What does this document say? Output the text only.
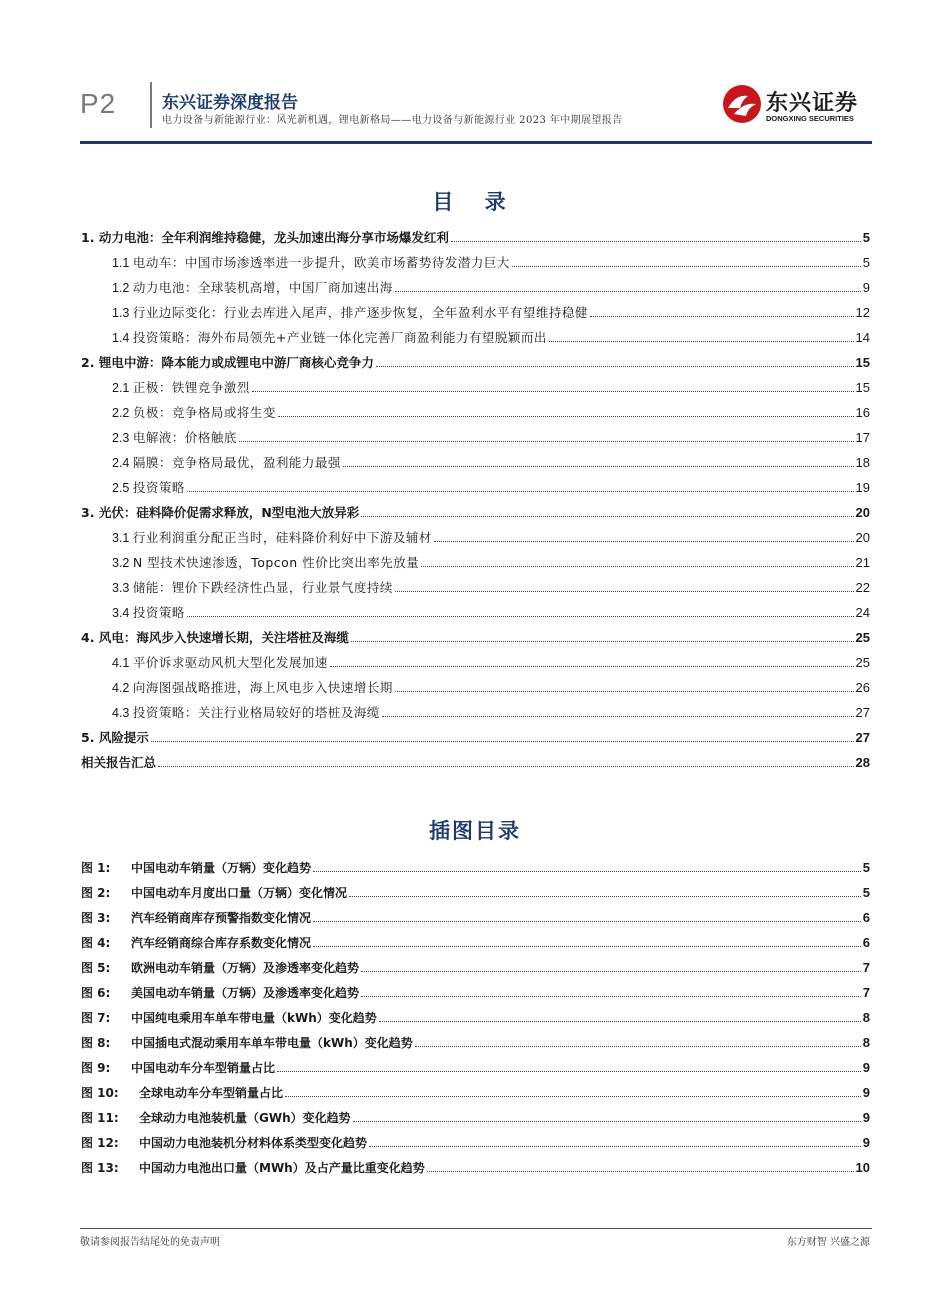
P2	东兴证券深度报告
电力设备与新能源行业：风光新机遇，锂电新格局——电力设备与新能源行业 2023 年中期展望报告
东兴证券
DONGXING SECURITIES
目 录
1. 动力电池：全年利润维持稳健，龙头加速出海分享市场爆发红利	5
1.1 电动车：中国市场渗透率进一步提升，欧美市场蓄势待发潜力巨大	5
1.2 动力电池：全球装机高增，中国厂商加速出海	9
1.3 行业边际变化：行业去库进入尾声，排产逐步恢复，全年盈利水平有望维持稳健	12
1.4 投资策略：海外布局领先+产业链一体化完善厂商盈利能力有望脱颖而出	14
2. 锂电中游：降本能力或成锂电中游厂商核心竞争力	15
2.1 正极：铁锂竞争激烈	15
2.2 负极：竞争格局或将生变	16
2.3 电解液：价格触底	17
2.4 隔膜：竞争格局最优，盈利能力最强	18
2.5 投资策略	19
3. 光伏：硅料降价促需求释放，N型电池大放异彩	20
3.1 行业利润重分配正当时，硅料降价利好中下游及辅材	20
3.2 N 型技术快速渗透，Topcon 性价比突出率先放量	21
3.3 储能：锂价下跌经济性凸显，行业景气度持续	22
3.4 投资策略	24
4. 风电：海风步入快速增长期，关注塔桩及海缆	25
4.1 平价诉求驱动风机大型化发展加速	25
4.2 向海图强战略推进，海上风电步入快速增长期	26
4.3 投资策略：关注行业格局较好的塔桩及海缆	27
5. 风险提示	27
相关报告汇总	28
插图目录
图 1:	中国电动车销量（万辆）变化趋势	5
图 2:	中国电动车月度出口量（万辆）变化情况	5
图 3:	汽车经销商库存预警指数变化情况	6
图 4:	汽车经销商综合库存系数变化情况	6
图 5:	欧洲电动车销量（万辆）及渗透率变化趋势	7
图 6:	美国电动车销量（万辆）及渗透率变化趋势	7
图 7:	中国纯电乘用车单车带电量（kWh）变化趋势	8
图 8:	中国插电式混动乘用车单车带电量（kWh）变化趋势	8
图 9:	中国电动车分车型销量占比	9
图 10:	全球电动车分车型销量占比	9
图 11:	全球动力电池装机量（GWh）变化趋势	9
图 12:	中国动力电池装机分材料体系类型变化趋势	9
图 13:	中国动力电池出口量（MWh）及占产量比重变化趋势	10
敬请参阅报告结尾处的免责声明	东方财智 兴盛之源
